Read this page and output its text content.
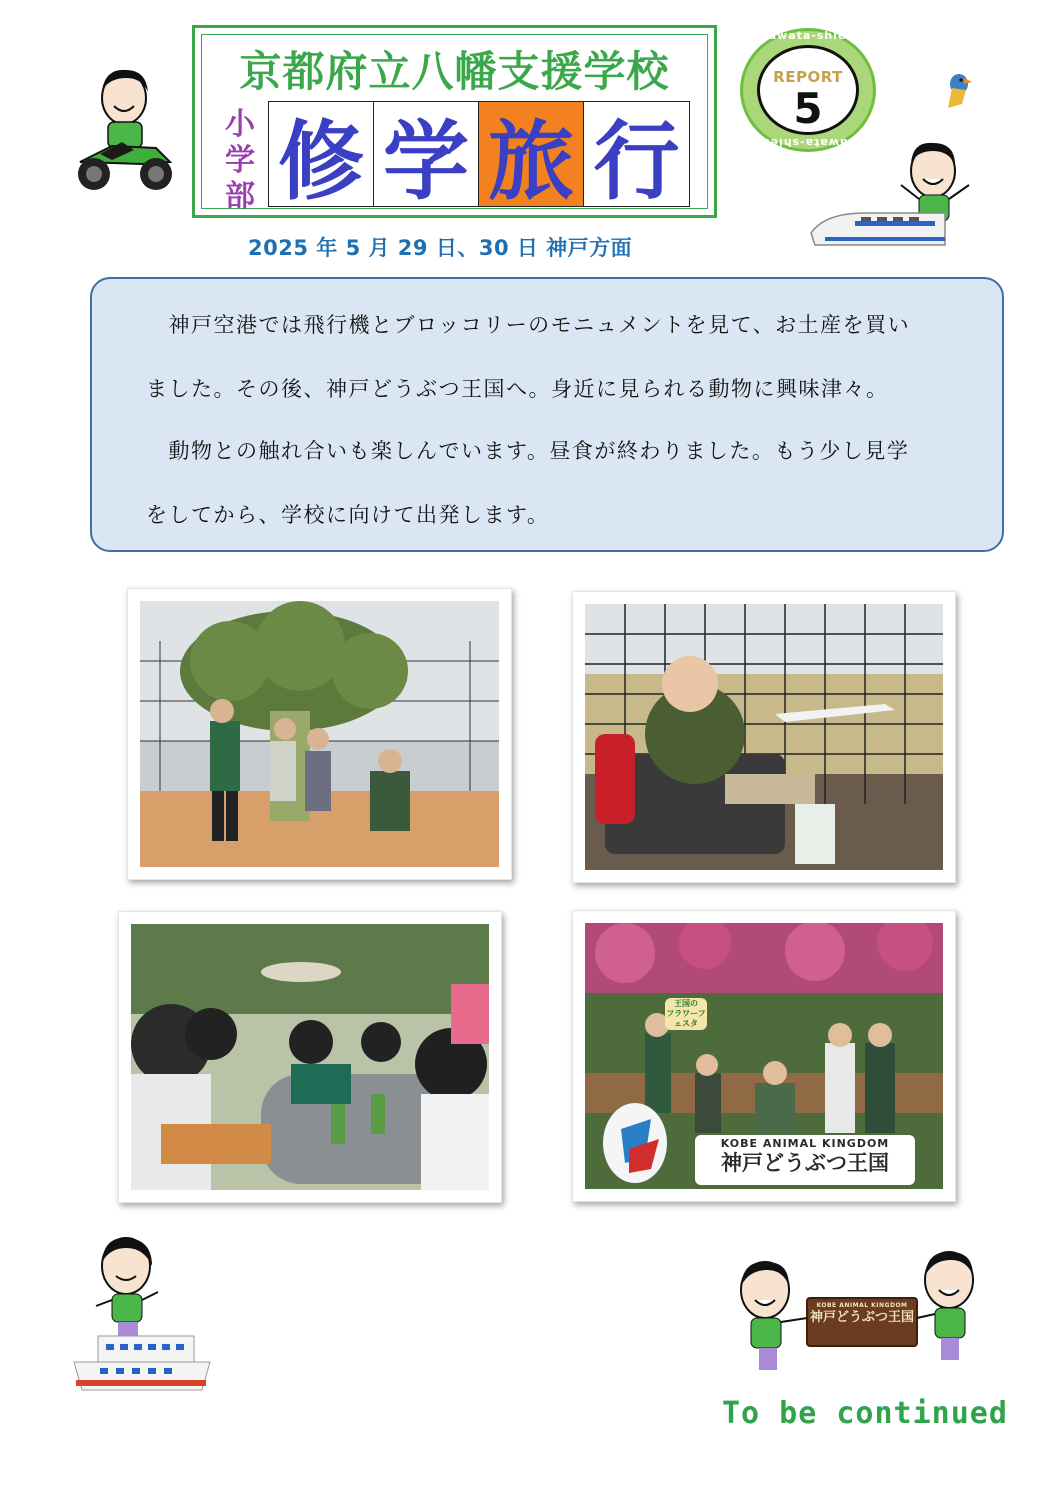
京都府立八幡支援学校
小
学
部 修 学 旅 行
2025 年 5 月 29 日、30 日 神戸方面
Yawata-shien
REPORT
5
Yawata-shien

　神戸空港では飛行機とブロッコリーのモニュメントを見て、お土産を買い

ました。その後、神戸どうぶつ王国へ。身近に見られる動物に興味津々。

　動物との触れ合いも楽しんでいます。昼食が終わりました。もう少し見学

をしてから、学校に向けて出発します。

王国の
フラワーフェスタ
KOBE ANIMAL KINGDOM
神戸どうぶつ王国
KOBE ANIMAL KINGDOM
神戸どうぶつ王国
To be continued
